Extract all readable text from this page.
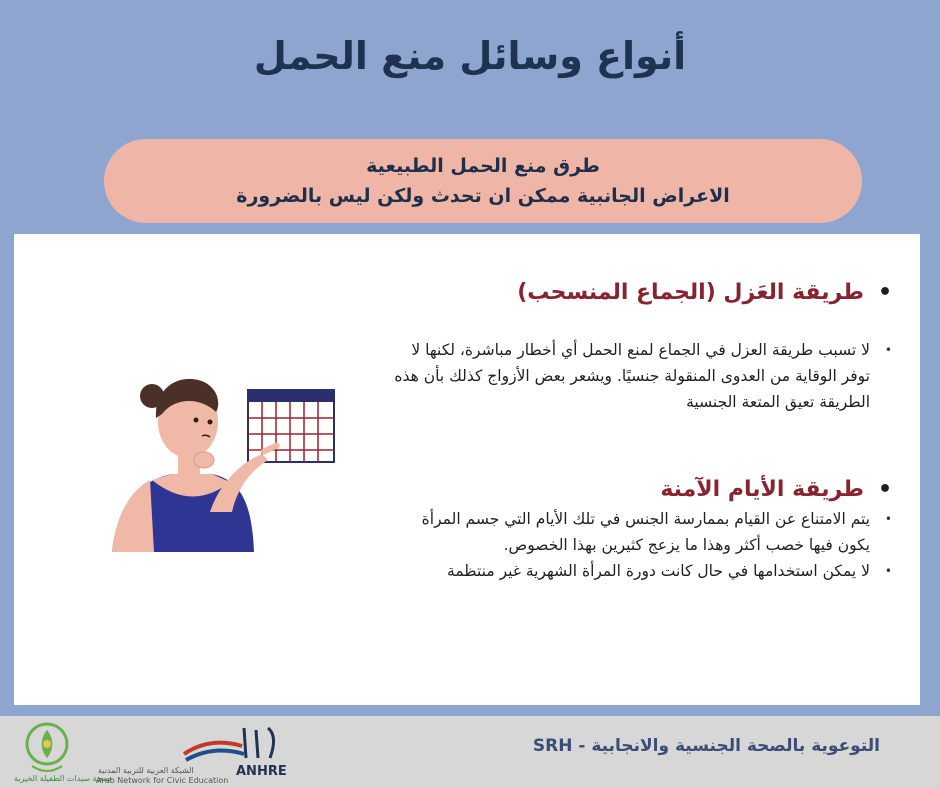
أنواع وسائل منع الحمل
طرق منع الحمل الطبيعية
الاعراض الجانبية ممكن ان تحدث ولكن ليس بالضرورة
•
طريقة العَزل (الجماع المنسحب)
•
لا تسبب طريقة العزل في الجماع لمنع الحمل أي أخطار مباشرة، لكنها لا توفر الوقاية من العدوى المنقولة جنسيًا. ويشعر بعض الأزواج كذلك بأن هذه الطريقة تعيق المتعة الجنسية
•
طريقة الأيام الآمنة
•
يتم الامتناع عن القيام بممارسة الجنس في تلك الأيام التي جسم المرأة يكون فيها خصب أكثر وهذا ما يزعج كثيرين بهذا الخصوص.
•
لا يمكن استخدامها في حال كانت دورة المرأة الشهرية غير منتظمة
جمعية سيدات الطفيلة الخيرية	ANHRE
الشبكة العربية للتربية المدنية
Arab Network for Civic Education
التوعوية بالصحة الجنسية والانجابية - SRH
